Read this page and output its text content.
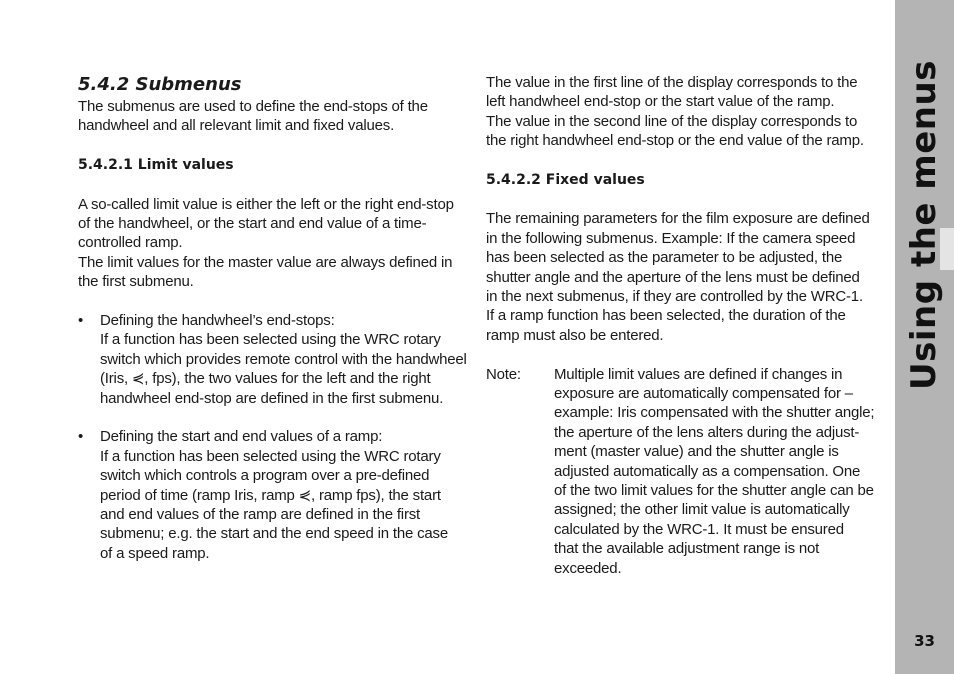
5.4.2 Submenus

The submenus are used to define the end-stops of the
handwheel and all relevant limit and fixed values.

5.4.2.1 Limit values

A so-called limit value is either the left or the right end-stop
of the handwheel, or the start and end value of a time-
controlled ramp.
The limit values for the master value are always defined in
the first submenu.
• Defining the handwheel’s end-stops:
If a function has been selected using the WRC rotary
switch which provides remote control with the handwheel
(Iris, ⋞, fps), the two values for the left and the right
handwheel end-stop are defined in the first submenu.
• Defining the start and end values of a ramp:
If a function has been selected using the WRC rotary
switch which controls a program over a pre-defined
period of time (ramp Iris, ramp ⋞, ramp fps), the start
and end values of the ramp are defined in the first
submenu; e.g. the start and the end speed in the case
of a speed ramp.
The value in the first line of the display corresponds to the
left handwheel end-stop or the start value of the ramp.
The value in the second line of the display corresponds to
the right handwheel end-stop or the end value of the ramp.

5.4.2.2 Fixed values

The remaining parameters for the film exposure are defined
in the following submenus. Example: If the camera speed
has been selected as the parameter to be adjusted, the
shutter angle and the aperture of the lens must be defined
in the next submenus, if they are controlled by the WRC-1.
If a ramp function has been selected, the duration of the
ramp must also be entered.
Note:	Multiple limit values are defined if changes in
exposure are automatically compensated for –
example: Iris compensated with the shutter angle;
the aperture of the lens alters during the adjust-
ment (master value) and the shutter angle is
adjusted automatically as a compensation. One
of the two limit values for the shutter angle can be
assigned; the other limit value is automatically
calculated by the WRC-1. It must be ensured
that the available adjustment range is not
exceeded.
Using the menus
33
